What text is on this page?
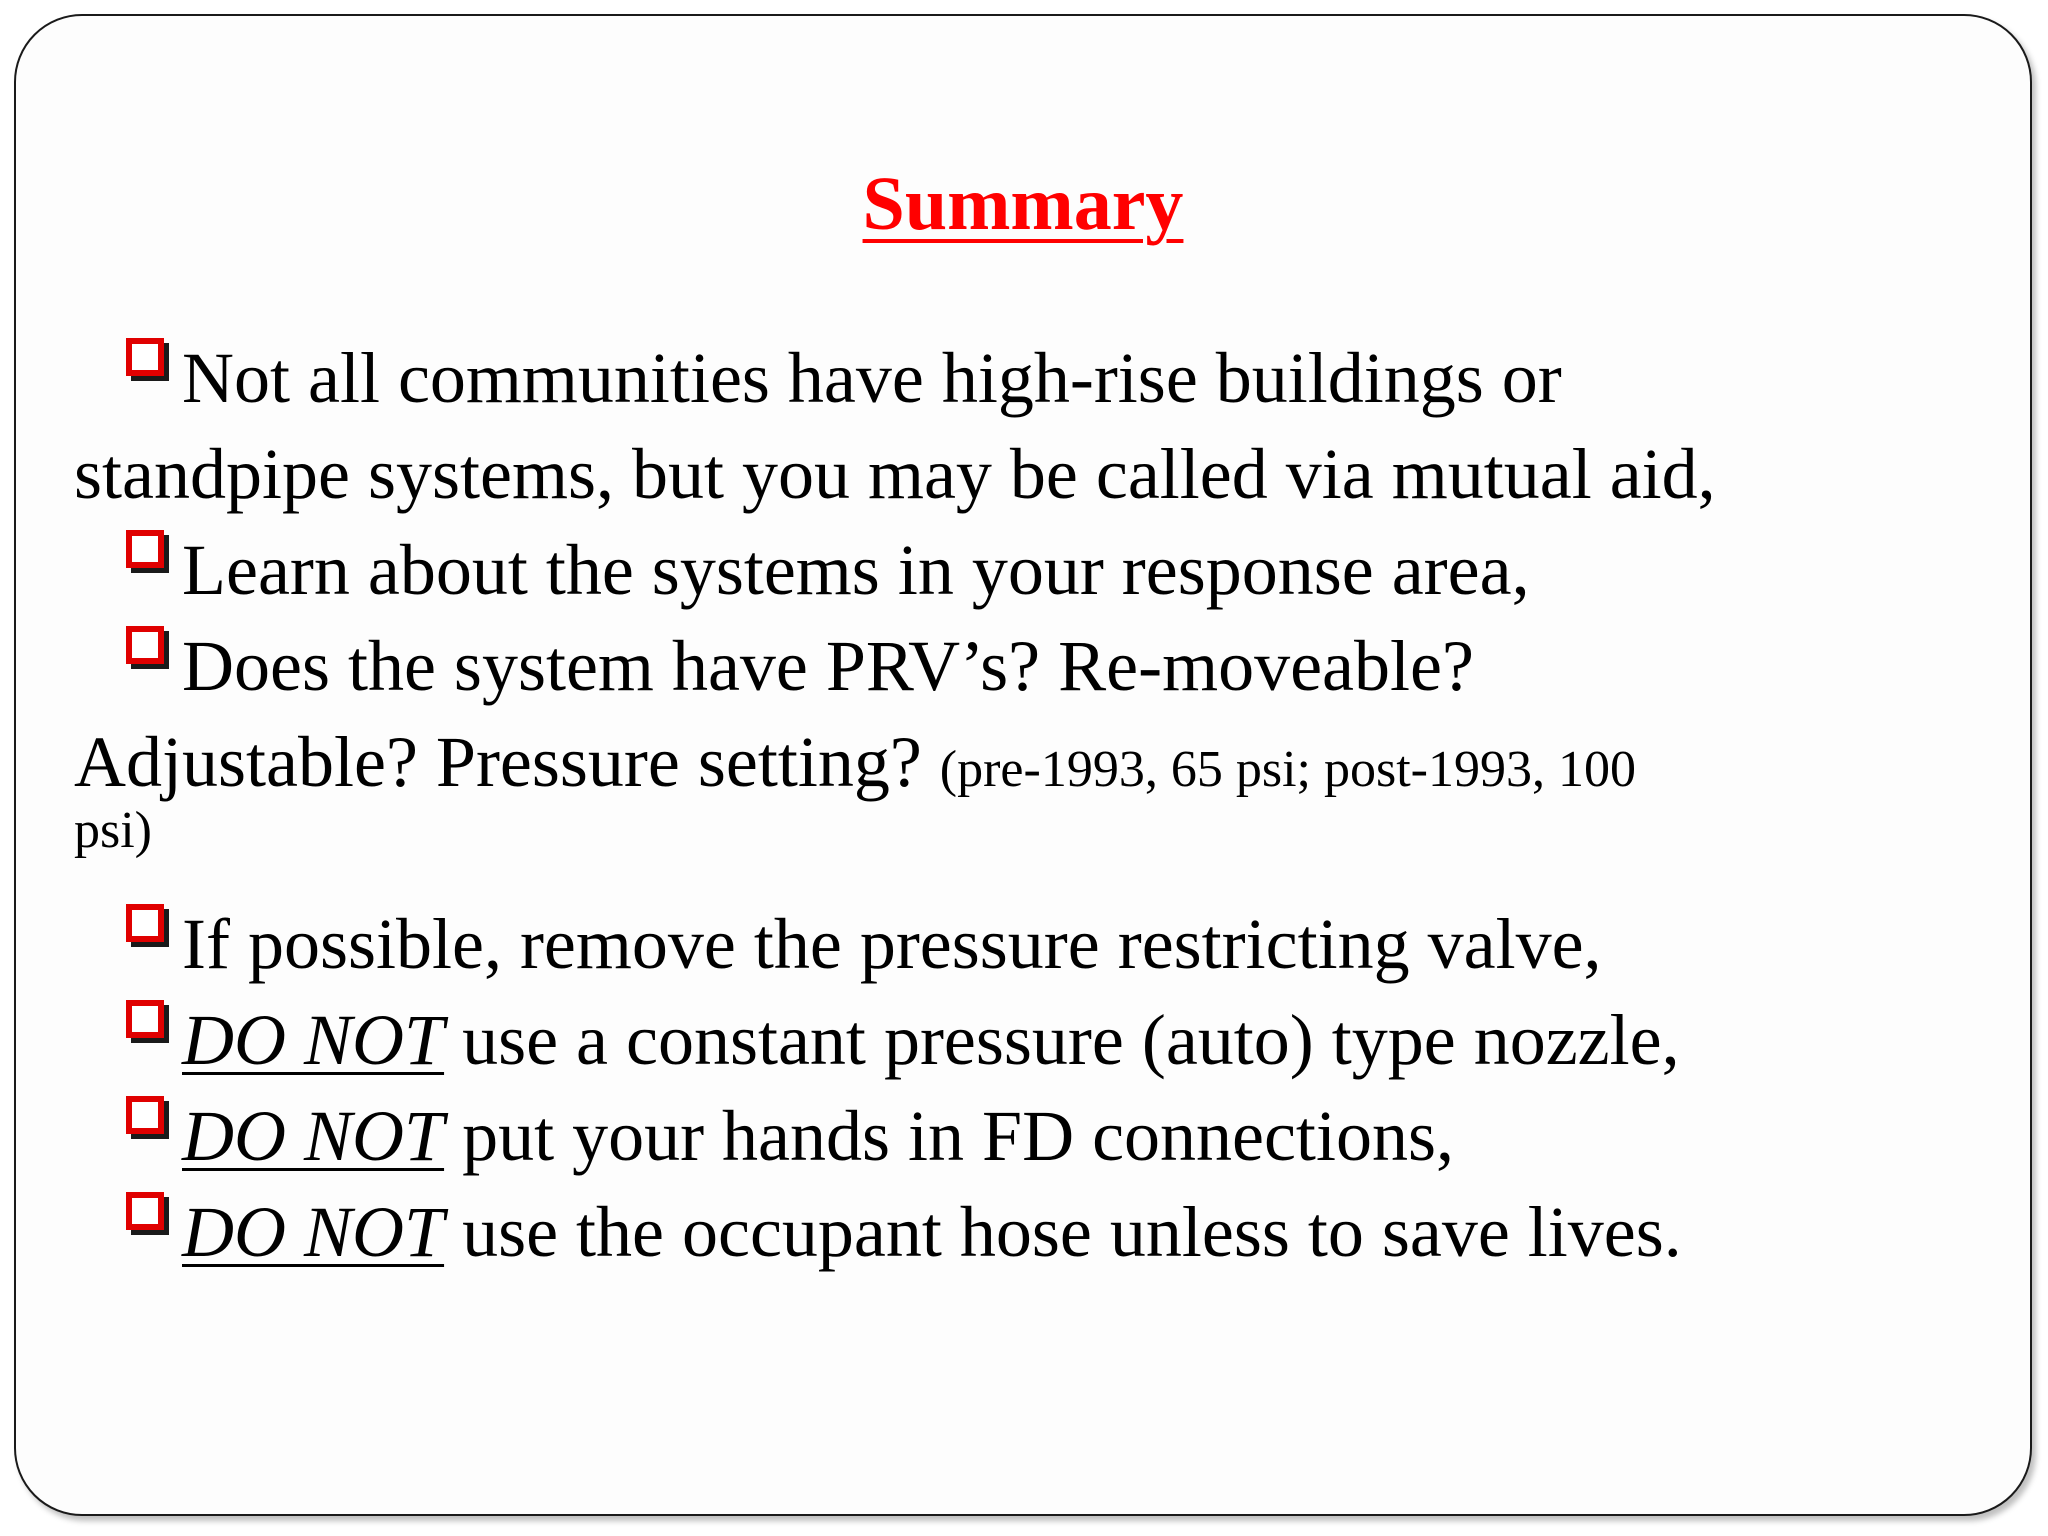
Summary
Not all communities have high-rise buildings or
standpipe systems, but you may be called via mutual aid,
Learn about the systems in your response area,
Does the system have PRV’s? Re-moveable?
Adjustable? Pressure setting? (pre-1993, 65 psi; post-1993, 100
psi)
If possible, remove the pressure restricting valve,
DO NOT use a constant pressure (auto) type nozzle,
DO NOT put your hands in FD connections,
DO NOT use the occupant hose unless to save lives.
